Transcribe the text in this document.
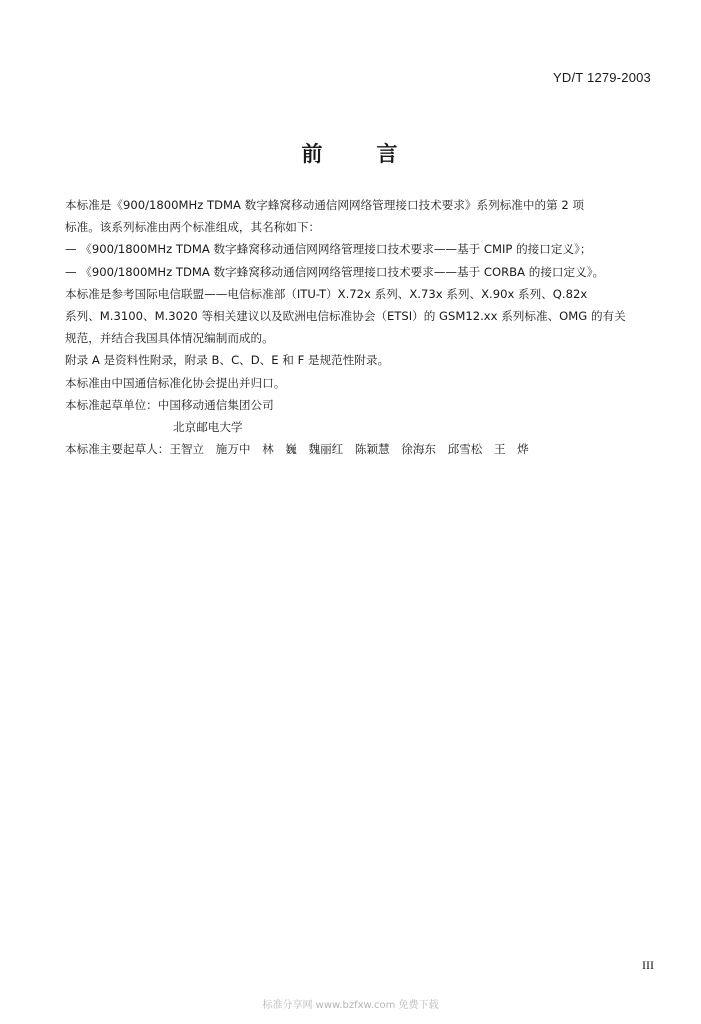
YD/T 1279-2003
前 言
本标准是《900/1800MHz TDMA 数字蜂窝移动通信网网络管理接口技术要求》系列标准中的第 2 项
标准。该系列标准由两个标准组成，其名称如下：
— 《900/1800MHz TDMA 数字蜂窝移动通信网网络管理接口技术要求——基于 CMIP 的接口定义》；
— 《900/1800MHz TDMA 数字蜂窝移动通信网网络管理接口技术要求——基于 CORBA 的接口定义》。
本标准是参考国际电信联盟——电信标准部（ITU-T）X.72x 系列、X.73x 系列、X.90x 系列、Q.82x
系列、M.3100、M.3020 等相关建议以及欧洲电信标准协会（ETSI）的 GSM12.xx 系列标准、OMG 的有关
规范，并结合我国具体情况编制而成的。
附录 A 是资料性附录，附录 B、C、D、E 和 F 是规范性附录。
本标准由中国通信标准化协会提出并归口。
本标准起草单位：中国移动通信集团公司
北京邮电大学
本标准主要起草人：王智立　施万中　林　巍　魏丽红　陈颖慧　徐海东　邱雪松　王　烨
III
标准分享网 www.bzfxw.com 免费下载
